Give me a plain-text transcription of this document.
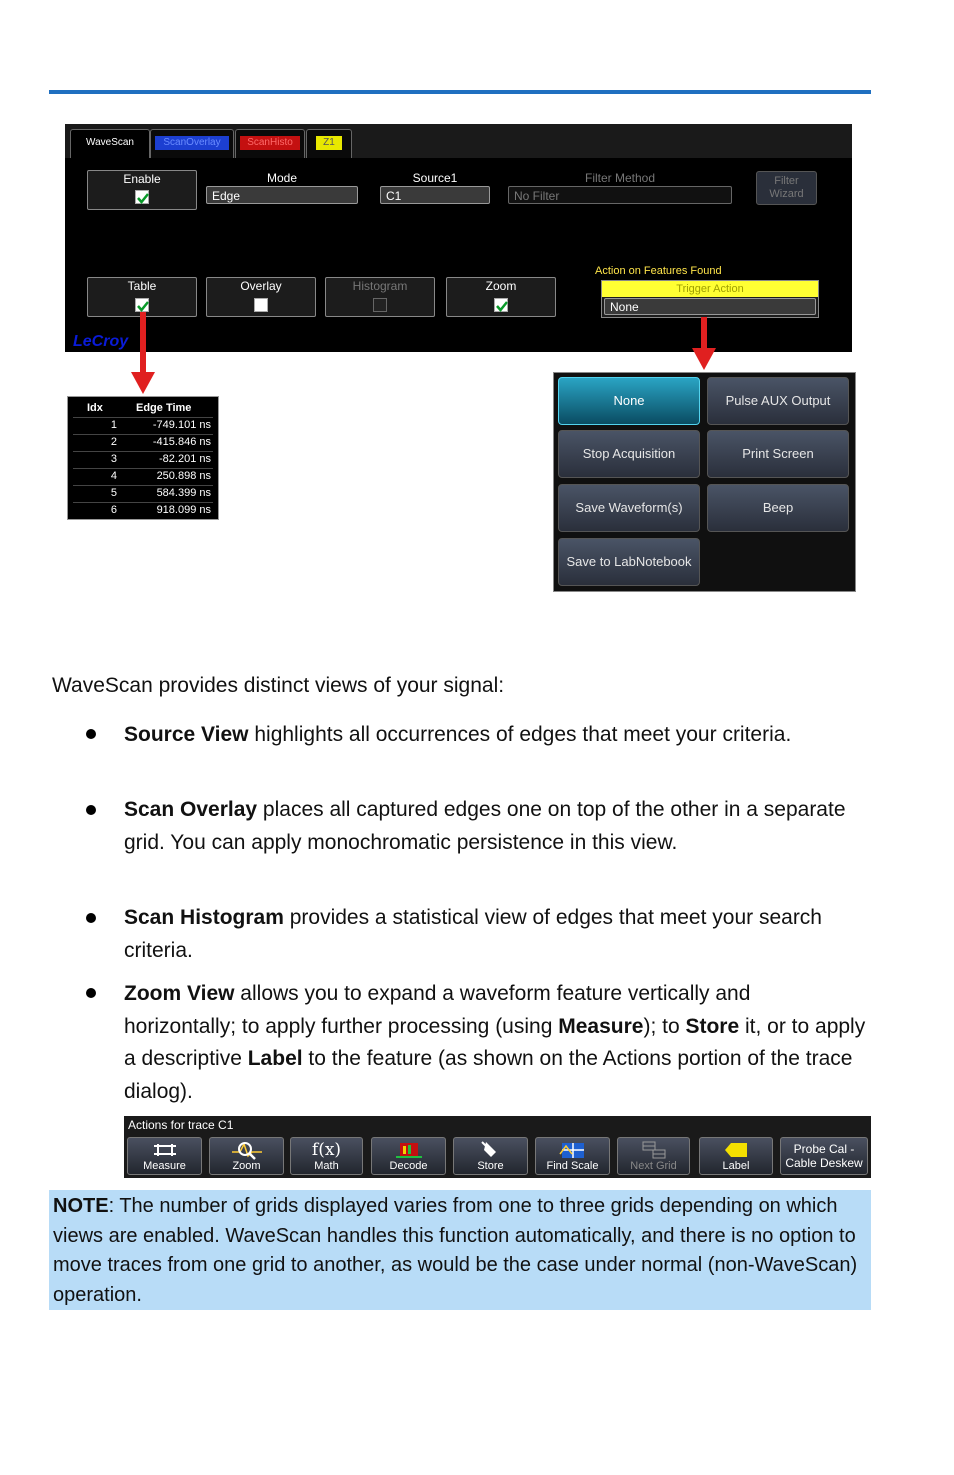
WaveScan	ScanOverlay	ScanHisto	Z1
Enable	Mode
Edge
Source1
C1
Filter Method
No Filter
Filter
Wizard
Table	Overlay	Histogram	Zoom
Action on Features Found
Trigger Action
None
LeCroy
Idx	Edge Time
1	-749.101 ns
2	-415.846 ns
3	-82.201 ns
4	250.898 ns
5	584.399 ns
6	918.099 ns
None	Pulse AUX Output
Stop Acquisition	Print Screen
Save Waveform(s)	Beep
Save to LabNotebook
WaveScan provides distinct views of your signal:
Source View highlights all occurrences of edges that meet your criteria.
Scan Overlay places all captured edges one on top of the other in a separate grid. You can apply monochromatic persistence in this view.
Scan Histogram provides a statistical view of edges that meet your search criteria.
Zoom View allows you to expand a waveform feature vertically and horizontally; to apply further processing (using Measure); to Store it, or to apply a descriptive Label to the feature (as shown on the Actions portion of the trace dialog).
Actions for trace C1
Measure	Zoom
f(x)
Math	Decode	Store	Find Scale	Next Grid	Label
Probe Cal -
Cable Deskew
NOTE: The number of grids displayed varies from one to three grids depending on which views are enabled. WaveScan handles this function automatically, and there is no option to move traces from one grid to another, as would be the case under normal (non-WaveScan) operation.
